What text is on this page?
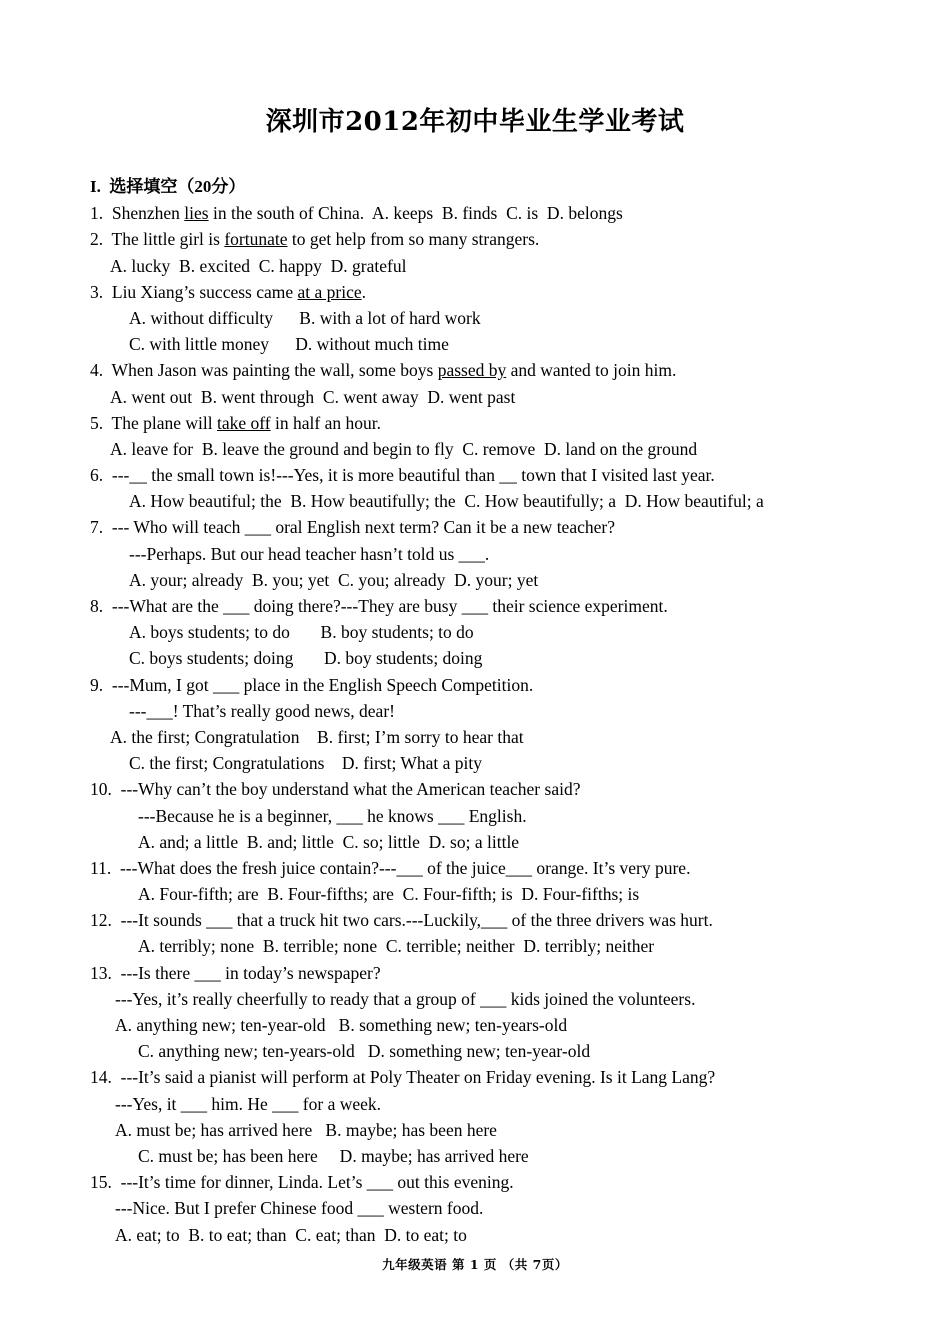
深圳市2012年初中毕业生学业考试
I.  选择填空（20分）
1.  Shenzhen lies in the south of China.  A. keeps  B. finds  C. is  D. belongs
2.  The little girl is fortunate to get help from so many strangers.
A. lucky  B. excited  C. happy  D. grateful
3.  Liu Xiang’s success came at a price.
A. without difficulty      B. with a lot of hard work
C. with little money      D. without much time
4.  When Jason was painting the wall, some boys passed by and wanted to join him.
A. went out  B. went through  C. went away  D. went past
5.  The plane will take off in half an hour.
A. leave for  B. leave the ground and begin to fly  C. remove  D. land on the ground
6.  ---__ the small town is!---Yes, it is more beautiful than __ town that I visited last year.
A. How beautiful; the  B. How beautifully; the  C. How beautifully; a  D. How beautiful; a
7.  --- Who will teach ___ oral English next term? Can it be a new teacher?
---Perhaps. But our head teacher hasn’t told us ___.
A. your; already  B. you; yet  C. you; already  D. your; yet
8.  ---What are the ___ doing there?---They are busy ___ their science experiment.
A. boys students; to do       B. boy students; to do
C. boys students; doing       D. boy students; doing
9.  ---Mum, I got ___ place in the English Speech Competition.
---___! That’s really good news, dear!
A. the first; Congratulation    B. first; I’m sorry to hear that
C. the first; Congratulations    D. first; What a pity
10.  ---Why can’t the boy understand what the American teacher said?
---Because he is a beginner, ___ he knows ___ English.
A. and; a little  B. and; little  C. so; little  D. so; a little
11.  ---What does the fresh juice contain?---___ of the juice___ orange. It’s very pure.
A. Four-fifth; are  B. Four-fifths; are  C. Four-fifth; is  D. Four-fifths; is
12.  ---It sounds ___ that a truck hit two cars.---Luckily,___ of the three drivers was hurt.
A. terribly; none  B. terrible; none  C. terrible; neither  D. terribly; neither
13.  ---Is there ___ in today’s newspaper?
---Yes, it’s really cheerfully to ready that a group of ___ kids joined the volunteers.
A. anything new; ten-year-old   B. something new; ten-years-old
C. anything new; ten-years-old   D. something new; ten-year-old
14.  ---It’s said a pianist will perform at Poly Theater on Friday evening. Is it Lang Lang?
---Yes, it ___ him. He ___ for a week.
A. must be; has arrived here   B. maybe; has been here
C. must be; has been here     D. maybe; has arrived here
15.  ---It’s time for dinner, Linda. Let’s ___ out this evening.
---Nice. But I prefer Chinese food ___ western food.
A. eat; to  B. to eat; than  C. eat; than  D. to eat; to
九年级英语 第 1 页 （共 7页）
